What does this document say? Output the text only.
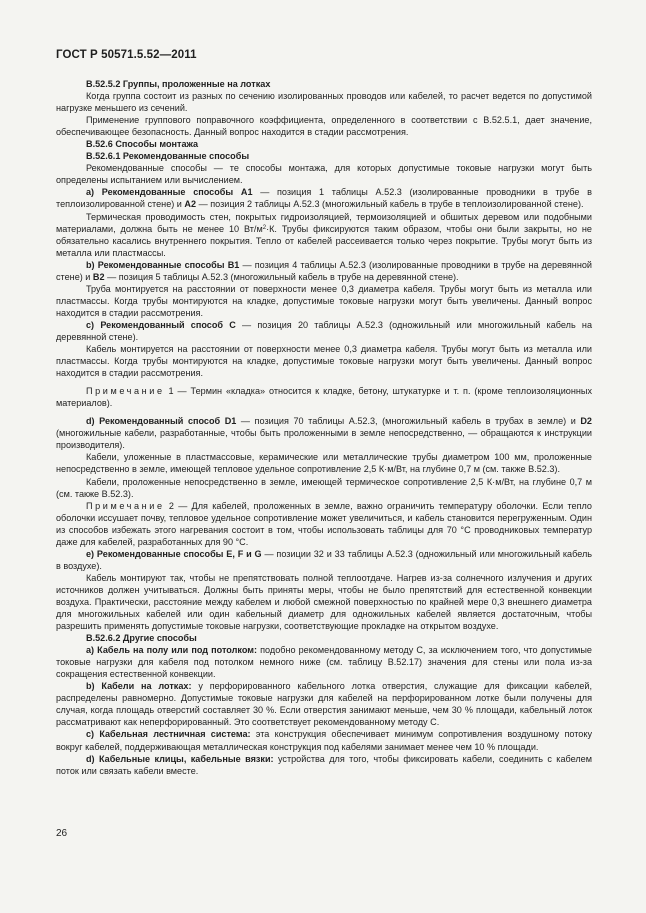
ГОСТ Р 50571.5.52—2011

В.52.5.2 Группы, проложенные на лотках

Когда группа состоит из разных по сечению изолированных проводов или кабелей, то расчет ведется по допустимой нагрузке меньшего из сечений.

Применение группового поправочного коэффициента, определенного в соответствии с В.52.5.1, дает значение, обеспечивающее безопасность. Данный вопрос находится в стадии рассмотрения.

В.52.6 Способы монтажа

В.52.6.1 Рекомендованные способы

Рекомендованные способы — те способы монтажа, для которых допустимые токовые нагрузки могут быть определены испытанием или вычислением.

а) Рекомендованные способы А1 — позиция 1 таблицы А.52.3 (изолированные проводники в трубе в теплоизолированной стене) и А2 — позиция 2 таблицы А.52.3 (многожильный кабель в трубе в теплоизолированной стене).

Термическая проводимость стен, покрытых гидроизоляцией, термоизоляцией и обшитых деревом или подобными материалами, должна быть не менее 10 $Вт/м^2\cdot К$. Трубы фиксируются таким образом, чтобы они были закрыты, но не обязательно касались внутреннего покрытия. Тепло от кабелей рассеивается только через покрытие. Трубы могут быть из металла или пластмассы.

b) Рекомендованные способы В1 — позиция 4 таблицы А.52.3 (изолированные проводники в трубе на деревянной стене) и В2 — позиция 5 таблицы А.52.3 (многожильный кабель в трубе на деревянной стене).

Труба монтируется на расстоянии от поверхности менее 0,3 диаметра кабеля. Трубы могут быть из металла или пластмассы. Когда трубы монтируются на кладке, допустимые токовые нагрузки могут быть увеличены. Данный вопрос находится в стадии рассмотрения.

с) Рекомендованный способ С — позиция 20 таблицы А.52.3 (одножильный или многожильный кабель на деревянной стене).

Кабель монтируется на расстоянии от поверхности менее 0,3 диаметра кабеля. Трубы могут быть из металла или пластмассы. Когда трубы монтируются на кладке, допустимые токовые нагрузки могут быть увеличены. Данный вопрос находится в стадии рассмотрения.

Примечание 1 — Термин «кладка» относится к кладке, бетону, штукатурке и т. п. (кроме теплоизоляционных материалов).

d) Рекомендованный способ D1 — позиция 70 таблицы А.52.3, (многожильный кабель в трубах в земле) и D2 (многожильные кабели, разработанные, чтобы быть проложенными в земле непосредственно, — обращаются к инструкции производителя).

Кабели, уложенные в пластмассовые, керамические или металлические трубы диаметром 100 мм, проложенные непосредственно в земле, имеющей тепловое удельное сопротивление 2,5 К·м/Вт, на глубине 0,7 м (см. также В.52.3).

Кабели, проложенные непосредственно в земле, имеющей термическое сопротивление 2,5 К·м/Вт, на глубине 0,7 м (см. также В.52.3).

Примечание 2 — Для кабелей, проложенных в земле, важно ограничить температуру оболочки. Если тепло оболочки иссушает почву, тепловое удельное сопротивление может увеличиться, и кабель становится перегруженным. Один из способов избежать этого нагревания состоит в том, чтобы использовать таблицы для 70 °С проводниковых температур даже для кабелей, разработанных для 90 °С.

е) Рекомендованные способы Е, F и G — позиции 32 и 33 таблицы А.52.3 (одножильный или многожильный кабель в воздухе).

Кабель монтируют так, чтобы не препятствовать полной теплоотдаче. Нагрев из-за солнечного излучения и других источников должен учитываться. Должны быть приняты меры, чтобы не было препятствий для естественной конвекции воздуха. Практически, расстояние между кабелем и любой смежной поверхностью по крайней мере 0,3 внешнего диаметра для многожильных кабелей или один кабельный диаметр для одножильных кабелей является достаточным, чтобы разрешить применять допустимые токовые нагрузки, соответствующие прокладке на открытом воздухе.

В.52.6.2 Другие способы

а) Кабель на полу или под потолком: подобно рекомендованному методу С, за исключением того, что допустимые токовые нагрузки для кабеля под потолком немного ниже (см. таблицу В.52.17) значения для стены или пола из-за сокращения естественной конвекции.

b) Кабели на лотках: у перфорированного кабельного лотка отверстия, служащие для фиксации кабелей, распределены равномерно. Допустимые токовые нагрузки для кабелей на перфорированном лотке были получены для случая, когда площадь отверстий составляет 30 %. Если отверстия занимают меньше, чем 30 % площади, кабельный лоток рассматривают как неперфорированный. Это соответствует рекомендованному методу С.

с) Кабельная лестничная система: эта конструкция обеспечивает минимум сопротивления воздушному потоку вокруг кабелей, поддерживающая металлическая конструкция под кабелями занимает менее чем 10 % площади.

d) Кабельные клицы, кабельные вязки: устройства для того, чтобы фиксировать кабели, соединить с кабелем поток или связать кабели вместе.

26
